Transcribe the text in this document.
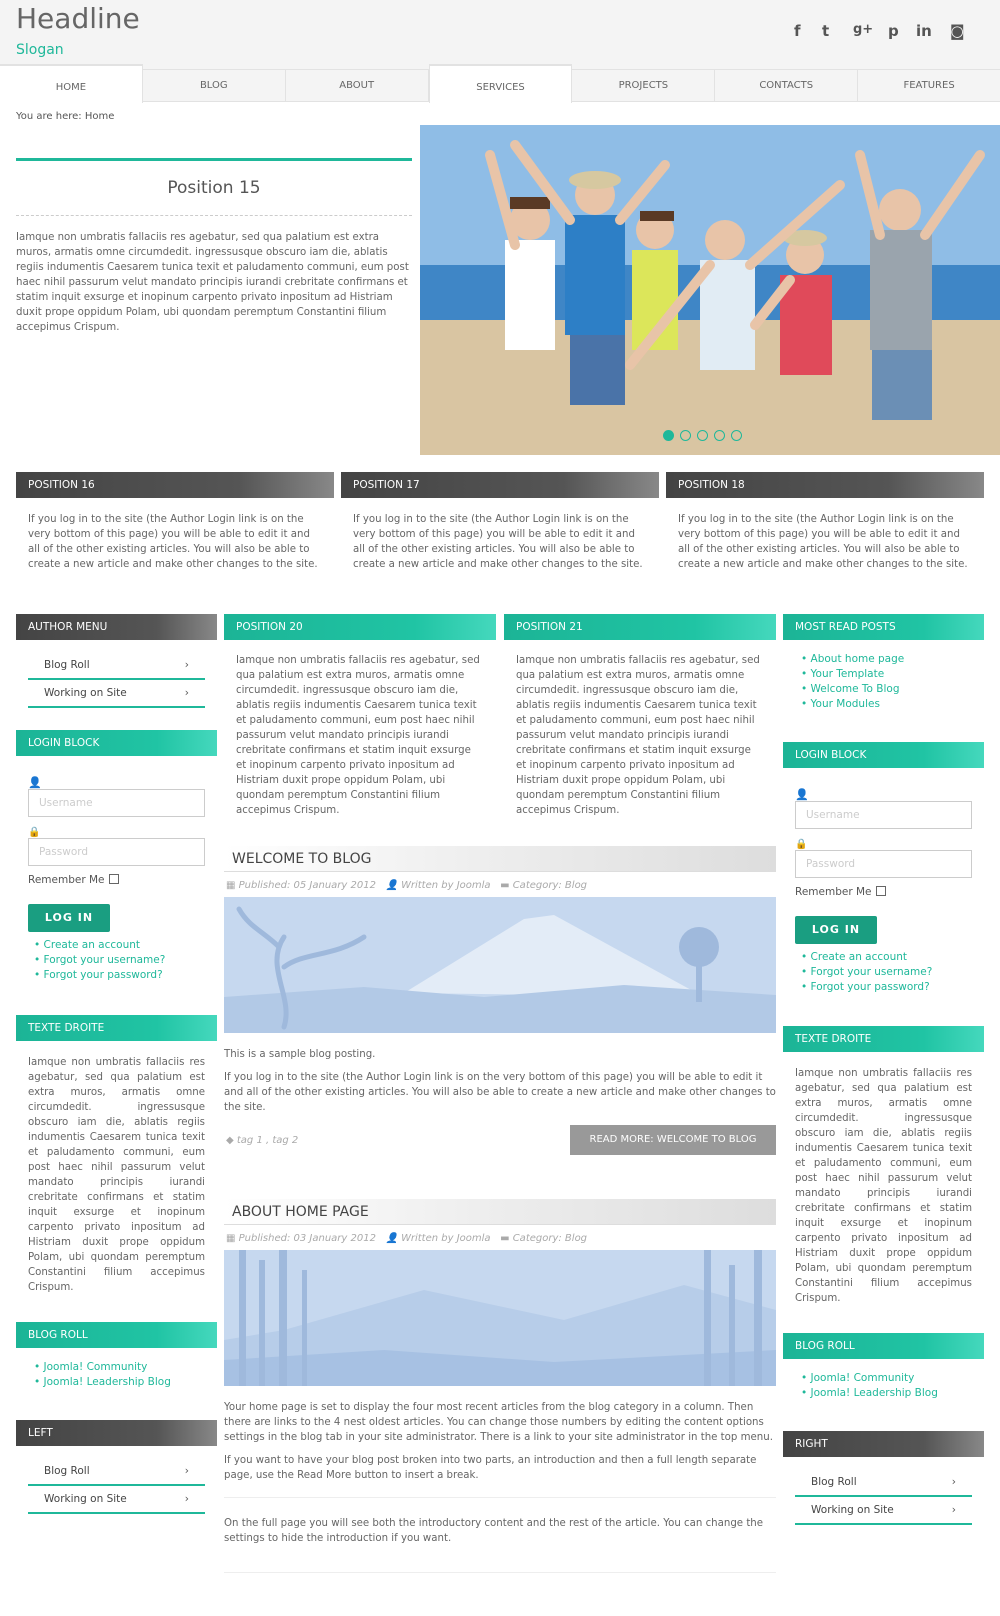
Headline
Slogan
f t g+ p in ◙
HOME	BLOG	ABOUT	SERVICES	PROJECTS	CONTACTS	FEATURES
You are here: Home
Position 15
Iamque non umbratis fallaciis res agebatur, sed qua palatium est extra muros, armatis omne circumdedit. ingressusque obscuro iam die, ablatis regiis indumentis Caesarem tunica texit et paludamento communi, eum post haec nihil passurum velut mandato principis iurandi crebritate confirmans et statim inquit exsurge et inopinum carpento privato inpositum ad Histriam duxit prope oppidum Polam, ubi quondam peremptum Constantini filium accepimus Crispum.
POSITION 16
If you log in to the site (the Author Login link is on the very bottom of this page) you will be able to edit it and all of the other existing articles. You will also be able to create a new article and make other changes to the site.
POSITION 17
If you log in to the site (the Author Login link is on the very bottom of this page) you will be able to edit it and all of the other existing articles. You will also be able to create a new article and make other changes to the site.
POSITION 18
If you log in to the site (the Author Login link is on the very bottom of this page) you will be able to edit it and all of the other existing articles. You will also be able to create a new article and make other changes to the site.
AUTHOR MENU
Blog Roll	›
Working on Site	›
LOGIN BLOCK
👤
Username
🔒
Password
Remember Me
LOG IN
• Create an account
• Forgot your username?
• Forgot your password?
TEXTE DROITE
Iamque non umbratis fallaciis res agebatur, sed qua palatium est extra muros, armatis omne circumdedit. ingressusque obscuro iam die, ablatis regiis indumentis Caesarem tunica texit et paludamento communi, eum post haec nihil passurum velut mandato principis iurandi crebritate confirmans et statim inquit exsurge et inopinum carpento privato inpositum ad Histriam duxit prope oppidum Polam, ubi quondam peremptum Constantini filium accepimus Crispum.
BLOG ROLL
• Joomla! Community
• Joomla! Leadership Blog
LEFT
Blog Roll	›
Working on Site	›
POSITION 20
Iamque non umbratis fallaciis res agebatur, sed qua palatium est extra muros, armatis omne circumdedit. ingressusque obscuro iam die, ablatis regiis indumentis Caesarem tunica texit et paludamento communi, eum post haec nihil passurum velut mandato principis iurandi crebritate confirmans et statim inquit exsurge et inopinum carpento privato inpositum ad Histriam duxit prope oppidum Polam, ubi quondam peremptum Constantini filium accepimus Crispum.
POSITION 21
Iamque non umbratis fallaciis res agebatur, sed qua palatium est extra muros, armatis omne circumdedit. ingressusque obscuro iam die, ablatis regiis indumentis Caesarem tunica texit et paludamento communi, eum post haec nihil passurum velut mandato principis iurandi crebritate confirmans et statim inquit exsurge et inopinum carpento privato inpositum ad Histriam duxit prope oppidum Polam, ubi quondam peremptum Constantini filium accepimus Crispum.
WELCOME TO BLOG
▦ Published: 05 January 2012   👤 Written by Joomla   ▬ Category: Blog
This is a sample blog posting.
If you log in to the site (the Author Login link is on the very bottom of this page) you will be able to edit it and all of the other existing articles. You will also be able to create a new article and make other changes to the site.
◆ tag 1 , tag 2	READ MORE: WELCOME TO BLOG
ABOUT HOME PAGE
▦ Published: 03 January 2012   👤 Written by Joomla   ▬ Category: Blog
Your home page is set to display the four most recent articles from the blog category in a column. Then there are links to the 4 nest oldest articles. You can change those numbers by editing the content options settings in the blog tab in your site administrator. There is a link to your site administrator in the top menu.
If you want to have your blog post broken into two parts, an introduction and then a full length separate page, use the Read More button to insert a break.
On the full page you will see both the introductory content and the rest of the article. You can change the settings to hide the introduction if you want.
MOST READ POSTS
• About home page
• Your Template
• Welcome To Blog
• Your Modules
LOGIN BLOCK
👤
Username
🔒
Password
Remember Me
LOG IN
• Create an account
• Forgot your username?
• Forgot your password?
TEXTE DROITE
Iamque non umbratis fallaciis res agebatur, sed qua palatium est extra muros, armatis omne circumdedit. ingressusque obscuro iam die, ablatis regiis indumentis Caesarem tunica texit et paludamento communi, eum post haec nihil passurum velut mandato principis iurandi crebritate confirmans et statim inquit exsurge et inopinum carpento privato inpositum ad Histriam duxit prope oppidum Polam, ubi quondam peremptum Constantini filium accepimus Crispum.
BLOG ROLL
• Joomla! Community
• Joomla! Leadership Blog
RIGHT
Blog Roll	›
Working on Site	›
